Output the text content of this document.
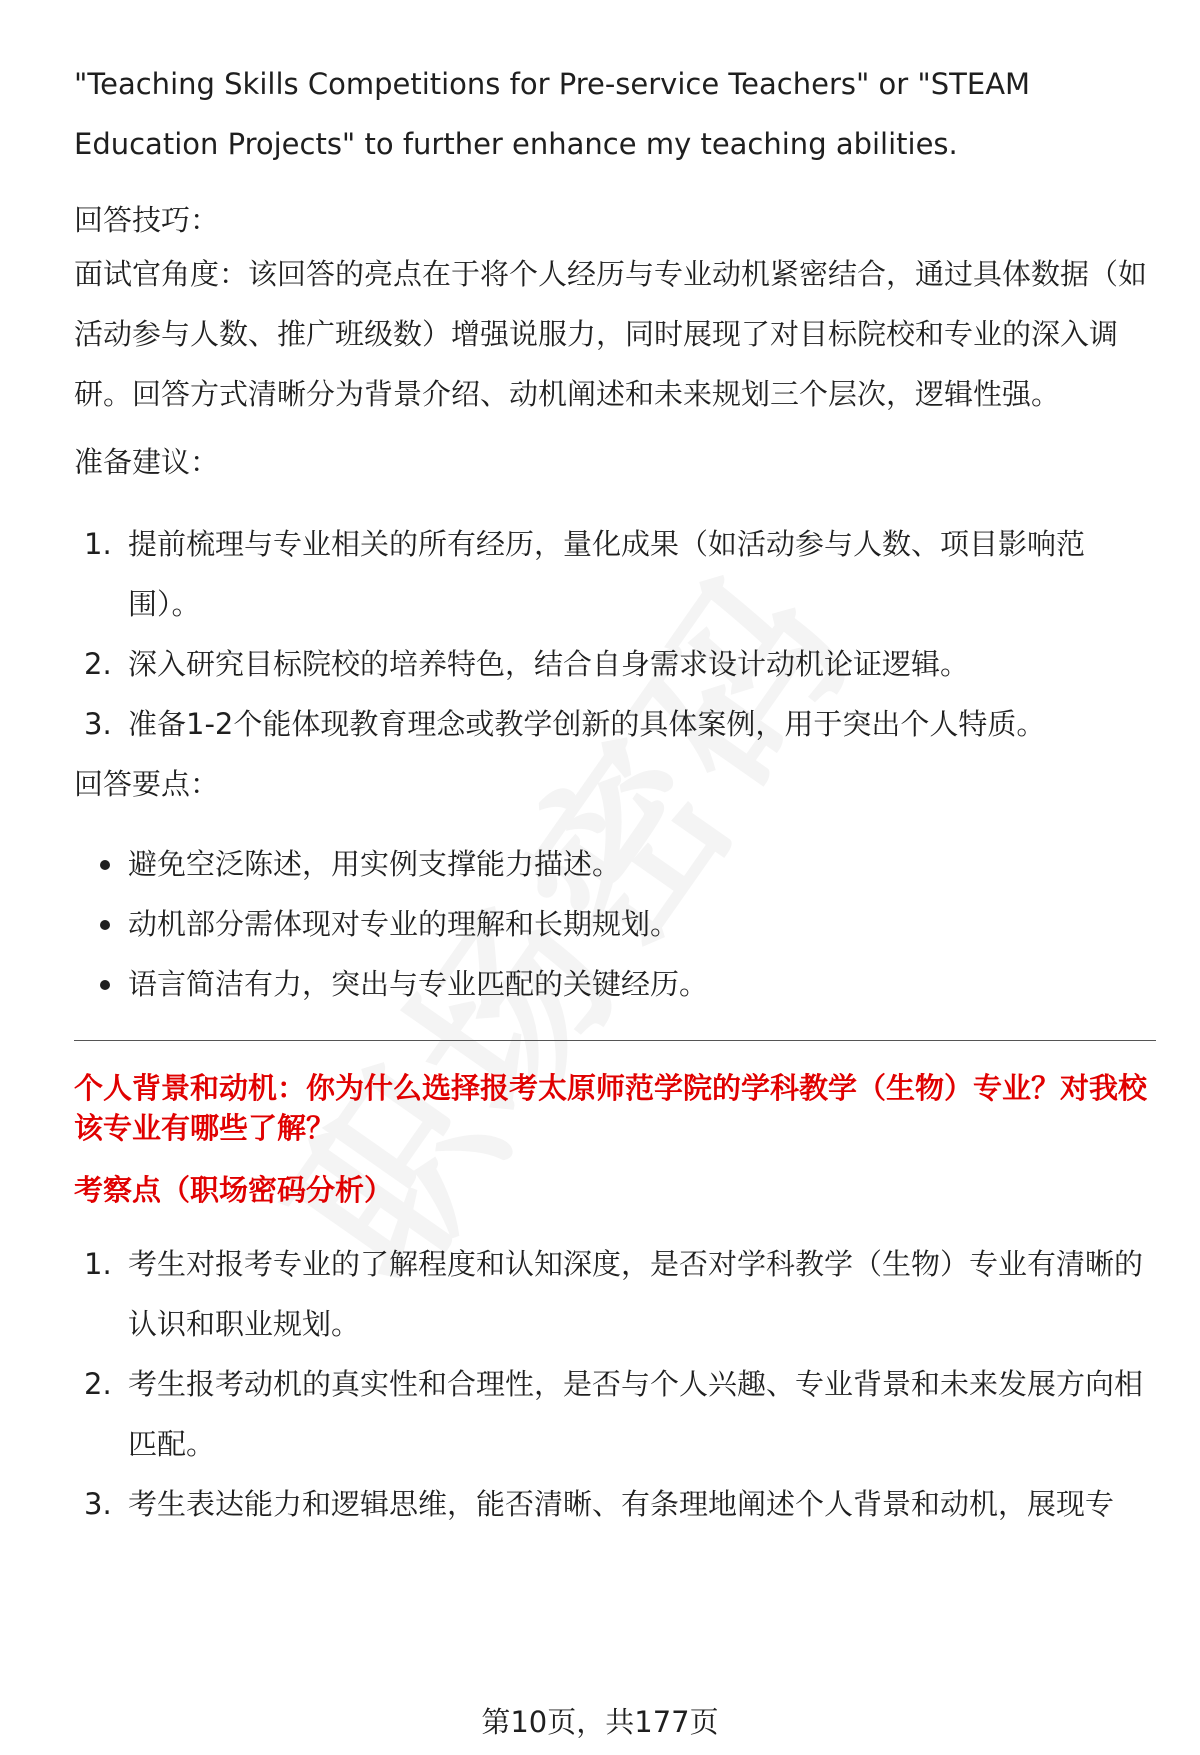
"Teaching Skills Competitions for Pre-service Teachers" or "STEAM Education Projects" to further enhance my teaching abilities.

回答技巧：

面试官角度：该回答的亮点在于将个人经历与专业动机紧密结合，通过具体数据（如活动参与人数、推广班级数）增强说服力，同时展现了对目标院校和专业的深入调研。回答方式清晰分为背景介绍、动机阐述和未来规划三个层次，逻辑性强。

准备建议：

1. 提前梳理与专业相关的所有经历，量化成果（如活动参与人数、项目影响范围）。
2. 深入研究目标院校的培养特色，结合自身需求设计动机论证逻辑。
3. 准备1-2个能体现教育理念或教学创新的具体案例，用于突出个人特质。

回答要点：

避免空泛陈述，用实例支撑能力描述。
动机部分需体现对专业的理解和长期规划。
语言简洁有力，突出与专业匹配的关键经历。

个人背景和动机：你为什么选择报考太原师范学院的学科教学（生物）专业？对我校该专业有哪些了解？

考察点（职场密码分析）

1. 考生对报考专业的了解程度和认知深度，是否对学科教学（生物）专业有清晰的认识和职业规划。
2. 考生报考动机的真实性和合理性，是否与个人兴趣、专业背景和未来发展方向相匹配。
3. 考生表达能力和逻辑思维，能否清晰、有条理地阐述个人背景和动机，展现专
第10页，共177页
